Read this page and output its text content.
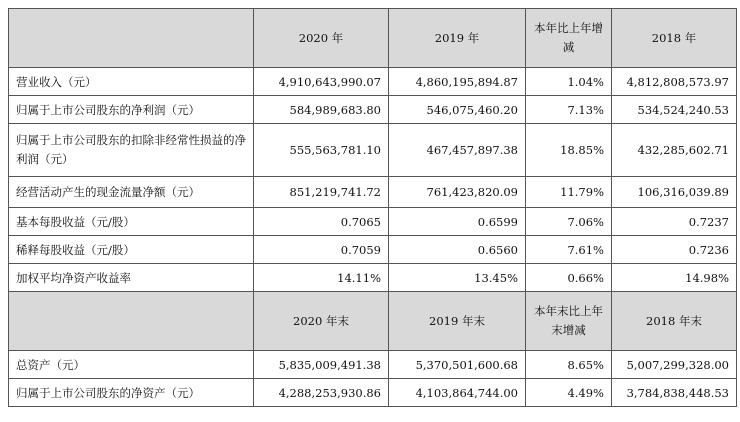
	2020 年	2019 年	本年比上年增减	2018 年
营业收入（元）	4,910,643,990.07	4,860,195,894.87	1.04%	4,812,808,573.97
归属于上市公司股东的净利润（元）	584,989,683.80	546,075,460.20	7.13%	534,524,240.53
归属于上市公司股东的扣除非经常性损益的净利润（元）	555,563,781.10	467,457,897.38	18.85%	432,285,602.71
经营活动产生的现金流量净额（元）	851,219,741.72	761,423,820.09	11.79%	106,316,039.89
基本每股收益（元/股）	0.7065	0.6599	7.06%	0.7237
稀释每股收益（元/股）	0.7059	0.6560	7.61%	0.7236
加权平均净资产收益率	14.11%	13.45%	0.66%	14.98%
	2020 年末	2019 年末	本年末比上年末增减	2018 年末
总资产（元）	5,835,009,491.38	5,370,501,600.68	8.65%	5,007,299,328.00
归属于上市公司股东的净资产（元）	4,288,253,930.86	4,103,864,744.00	4.49%	3,784,838,448.53
